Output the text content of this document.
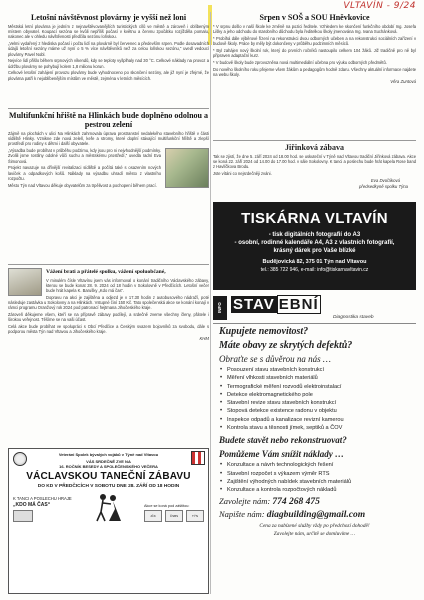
VLTAVÍN - 9/24
Letošní návštěvnost plovárny je vyšší než loni

Městská letní plovárna je jedním z nejnavštěvovanějších turistických cílů ve městě a zároveň i oblíbeným místem obyvatel. Koupací sezóna se kvůli nepříliš počasí v květnu a červnu zpočátku rozjížděla pomalu, nakonec ale v ohledu návštěvnosti předčila sezónu loňskou.

„Velmi vydařený z hlediska počasí i počtu lidí na plovárně byl červenec a především srpen. Podle dosavadních údajů letošní sezóny máme už nyní o 5 % více návštěvníků než za celou loňskou sezónu,“ uvedl vedoucí plovárny Pavel Nobl.

Nejvíce lidí přišlo během srpnových víkendů, kdy se teploty vyšplhaly nad 30 °C. Celkové náklady na provoz a údržbu plovárny se pohybují kolem 1,8 milionu korun.

Celkové letošní zahájení provozu plovárny bude vyhodnoceno po skončení sezóny, ale již nyní je zřejmé, že plovárna patří k nejoblíbenějším místům ve městě, zejména v letních měsících.

Multifunkční hřiště na Hlinkách bude doplněno odolnou a pestrou zelení

Zájmě na plochách v ulici Na Hlinkách zahrnovala úprava prostranství nedalekého stavebního hřiště v části sídliště Hlinky. Vznikne zde nová zeleň, keře a stromy, které doplní stávající multifunkční hřiště a zlepší prostředí pro rodiny s dětmi i další obyvatele.

„Výsadba bude probíhat v průběhu podzimu, kdy jsou pro ni nejvhodnější podmínky. Zvolili jsme rostliny odolné vůči suchu a městskému prostředí,“ uvedla radní Eva Šimonová.

Projekt navazuje na dřívější revitalizaci sídliště a počítá také s osazením nových laviček a odpadkových košů. Náklady na výsadbu uhradí město z vlastního rozpočtu.

Město Týn nad Vltavou děkuje obyvatelům za trpělivost a pochopení během prací.

Vážení brati a přátelé spolku, vážení spoluobčané,

V minulém čísle Vltavínu jsem vás informoval o konání tradičního Václavského zábavy, kterou se bude konat 28. 9. 2024 od 18 hodin v Sokolovně v Předčicích. Letošní večer bude hrát kapela K. Barušky „Kdo má čas“.

Dopravu na akci je zajištěna a odjezd je v 17.30 hodin z autobusového nádraží, poté následuje zastávka u Sokolovny a na Hlinkách. Vstupné činí 150 Kč. Tato společenská akce se konání konají v rámci programu Oranžový rok 2024 pod patronací hejtmana Jihočeského kraje.

Zároveň děkujeme všem, kteří se na přípravě zábavy podílejí, a srdečně zveme všechny členy, přátele i širokou veřejnost. Těšíme se na vaši účast.

Celá akce bude probíhat ve spolupráci s Obcí Předčice a Českým svazem bojovníků za svobodu, dále s podporou města Týn nad Vltavou a Jihočeského kraje.

KHM
Veteráni Spolek bývalých vojáků v Týně nad Vltavou
VÁS SRDEČNĚ ZVE NA
16. ROČNÍK BESEDY A SPOLEČENSKÉHO VEČERA
VÁCLAVSKOU TANEČNÍ ZÁBAVU
DO KD V PŘEDČICÍCH V SOBOTU DNE 28. ZÁŘÍ OD 18 HODIN
K TANCI A POSLECHU HRAJE
„KDO MÁ ČAS“	Akce se koná pod záštitou:
JČK	ČSBS	TÝN
Srpen v SOŠ a SOU Hněvkovice

* V srpnu došlo v naší škole ke změně na pozici ředitele. Vzhledem ke skončení funkčního období Ing. Josefa Lišky a jeho odchodu do starobního důchodu byla ředitelkou školy jmenována Ing. Ivana Suchánková.

* Probíhá dále výběrové řízení na rekonstrukci dvou odborných učeben a na rekonstrukci sociálních zařízení v budově školy. Práce by měly být dokončeny v průběhu podzimních měsíců.

* Byl zahájen nový školní rok, který do prvních ročníků nastoupilo celkem 104 žáků. Již tradičně pro ně byl připraven adaptační kurz.

* V budově školy bude zprovozněna nová multimediální učebna pro výuku odborných předmětů.

Do nového školního roku přejeme všem žákům a pedagogům hodně zdaru. Všechny aktuální informace najdete na webu školy.

Věra Zuntová
Jiřinková zábava

Tak se zjistí, že dne 5. září 2024 od 18.00 hod. se uskuteční v Týně nad Vltavou tradiční Jiřinková zábava. Akce se koná 22. září 2024 od 14.00 do 17.00 hod. v sále Sokolovny. K tanci a poslechu bude hrát kapela Rose band z Havlíčkova Brodu.

Jste vítáni co nejsrdečněji zváni.

Eva Dvořáková
předsedkyně spolku Týna
TISKÁRNA VLTAVÍN
- tisk digitálních fotografií do A3
- osobní, rodinné kalendáře A4, A3 z vlastních fotografií,
krásný dárek pro Vaše blízké
Budějovická 82, 375 01 Týn nad Vltavou
tel.: 385 722 946, e-mail: info@tiskarnavltavin.cz
INFO STAV EBNÍ
Diagnostika staveb
Kupujete nemovitost?
Máte obavy ze skrytých defektů?
Obraťte se s důvěrou na nás …
• Posouzení stavu stavebních konstrukcí
• Měření vlhkosti stavebních materiálů
• Termografické měření rozvodů elektroinstalací
• Detekce elektromagnetického pole
• Stavební revize stavu stavebních konstrukcí
• Stopová detekce existence radonu v objektu
• Inspekce odpadů a kanalizace revizní kamerou
• Kontrola stavu a těsnosti jímek, septiků a ČOV
Budete stavět nebo rekonstruovat?
Pomůžeme Vám snížit náklady …
• Konzultace a návrh technologických řešení
• Stavební rozpočet s výkazem výměr RTS
• Zajištění výhodných nabídek stavebních materiálů
• Konzultace a kontrola rozpočtových nákladů
Zavolejte nám: 774 268 475
Napište nám: diagbuilding@gmail.com
Cena za nabízené služby vždy po předchozí dohodě!
Zavolejte nám, určitě se domluvíme …
